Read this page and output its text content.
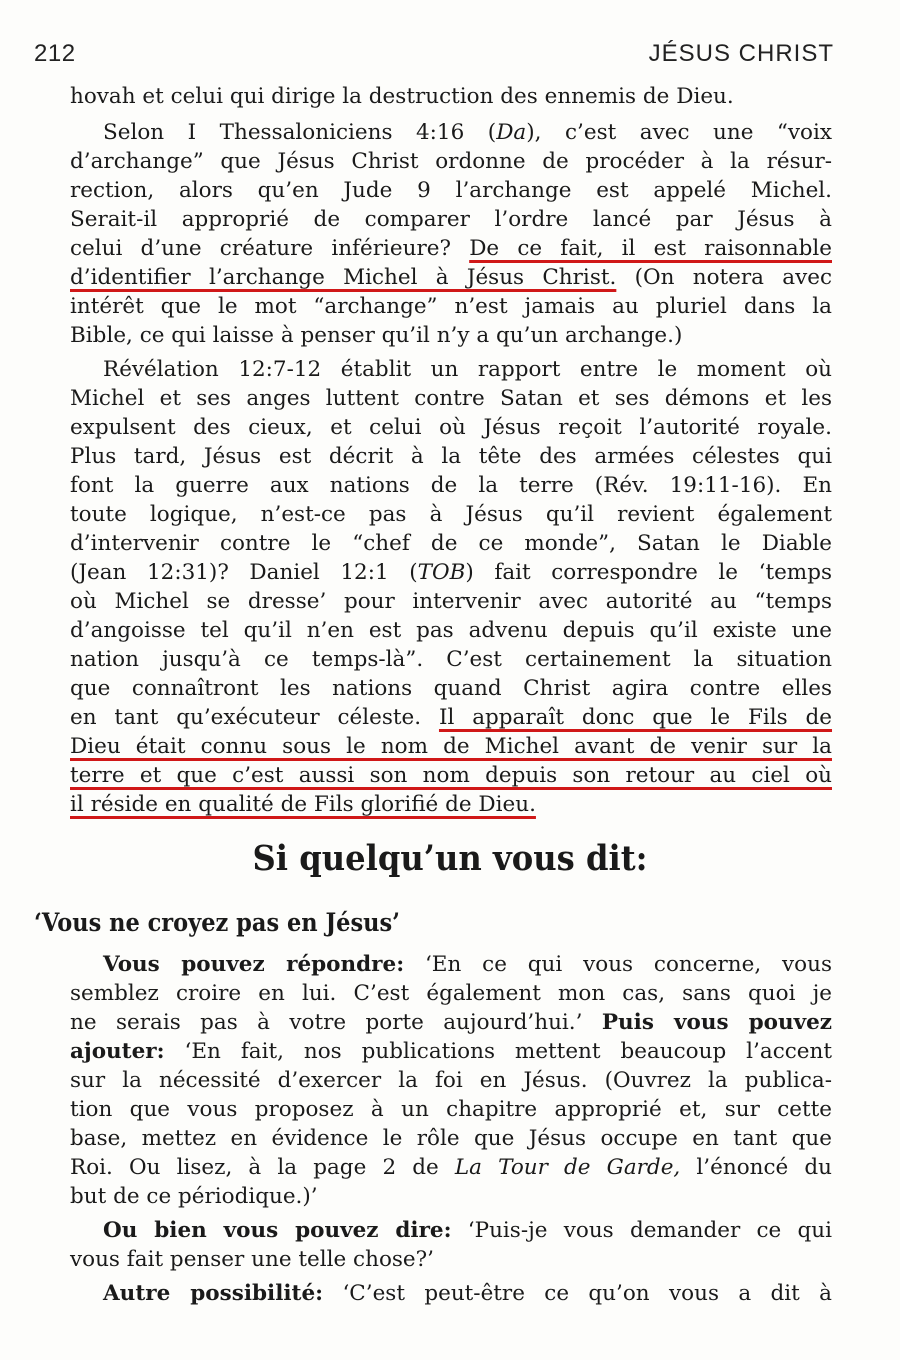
212	JÉSUS CHRIST
hovah et celui qui dirige la destruction des ennemis de Dieu.
Selon I Thessaloniciens 4:16 (Da), c’est avec une “voix
d’archange” que Jésus Christ ordonne de procéder à la résur-
rection, alors qu’en Jude 9 l’archange est appelé Michel.
Serait-il approprié de comparer l’ordre lancé par Jésus à
celui d’une créature inférieure? De ce fait, il est raisonnable
d’identifier l’archange Michel à Jésus Christ. (On notera avec
intérêt que le mot “archange” n’est jamais au pluriel dans la
Bible, ce qui laisse à penser qu’il n’y a qu’un archange.)
Révélation 12:7-12 établit un rapport entre le moment où
Michel et ses anges luttent contre Satan et ses démons et les
expulsent des cieux, et celui où Jésus reçoit l’autorité royale.
Plus tard, Jésus est décrit à la tête des armées célestes qui
font la guerre aux nations de la terre (Rév. 19:11-16). En
toute logique, n’est-ce pas à Jésus qu’il revient également
d’intervenir contre le “chef de ce monde”, Satan le Diable
(Jean 12:31)? Daniel 12:1 (TOB) fait correspondre le ‘temps
où Michel se dresse’ pour intervenir avec autorité au “temps
d’angoisse tel qu’il n’en est pas advenu depuis qu’il existe une
nation jusqu’à ce temps-là”. C’est certainement la situation
que connaîtront les nations quand Christ agira contre elles
en tant qu’exécuteur céleste. Il apparaît donc que le Fils de
Dieu était connu sous le nom de Michel avant de venir sur la
terre et que c’est aussi son nom depuis son retour au ciel où
il réside en qualité de Fils glorifié de Dieu.
Si quelqu’un vous dit:
‘Vous ne croyez pas en Jésus’
Vous pouvez répondre: ‘En ce qui vous concerne, vous
semblez croire en lui. C’est également mon cas, sans quoi je
ne serais pas à votre porte aujourd’hui.’ Puis vous pouvez
ajouter: ‘En fait, nos publications mettent beaucoup l’accent
sur la nécessité d’exercer la foi en Jésus. (Ouvrez la publica-
tion que vous proposez à un chapitre approprié et, sur cette
base, mettez en évidence le rôle que Jésus occupe en tant que
Roi. Ou lisez, à la page 2 de La Tour de Garde, l’énoncé du
but de ce périodique.)’
Ou bien vous pouvez dire: ‘Puis-je vous demander ce qui
vous fait penser une telle chose?’
Autre possibilité: ‘C’est peut-être ce qu’on vous a dit à
